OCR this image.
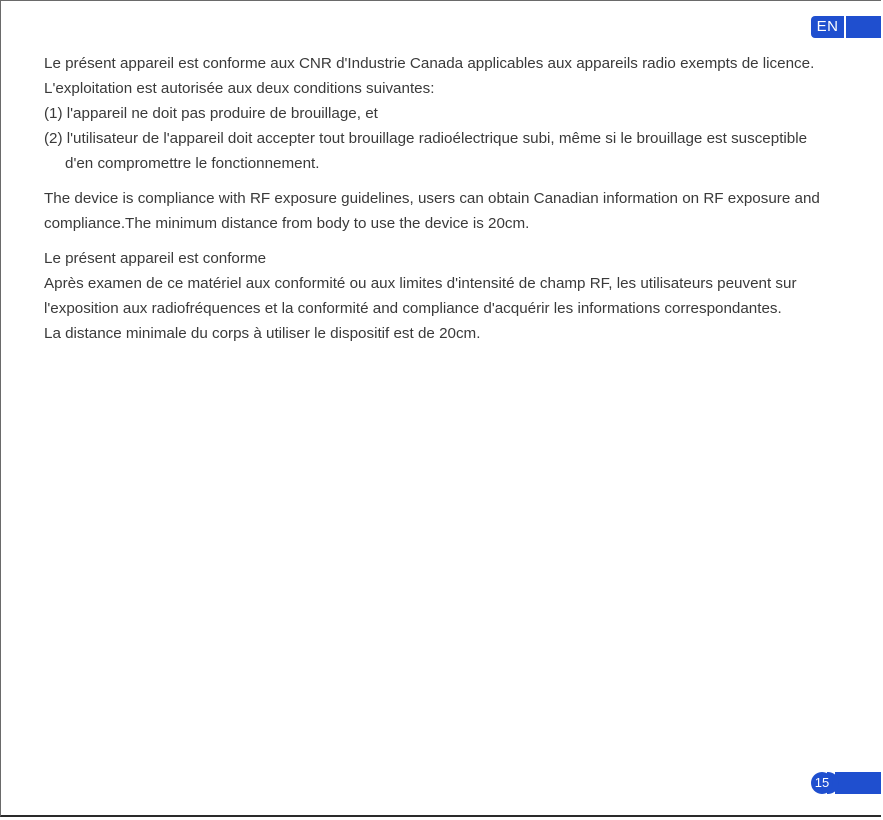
EN
Le présent appareil est conforme aux CNR d'Industrie Canada applicables aux appareils radio exempts de licence.
L'exploitation est autorisée aux deux conditions suivantes:
(1) l'appareil ne doit pas produire de brouillage, et
(2) l'utilisateur de l'appareil doit accepter tout brouillage radioélectrique subi, même si le brouillage est susceptible
d'en compromettre le fonctionnement.
The device is compliance with RF exposure guidelines, users can obtain Canadian information on RF exposure and
compliance.The minimum distance from body to use the device is 20cm.
Le présent appareil est conforme
Après examen de ce matériel aux conformité ou aux limites d'intensité de champ RF, les utilisateurs peuvent sur
l'exposition aux radiofréquences et la conformité and compliance d'acquérir les informations correspondantes.
La distance minimale du corps à utiliser le dispositif est de 20cm.
15
